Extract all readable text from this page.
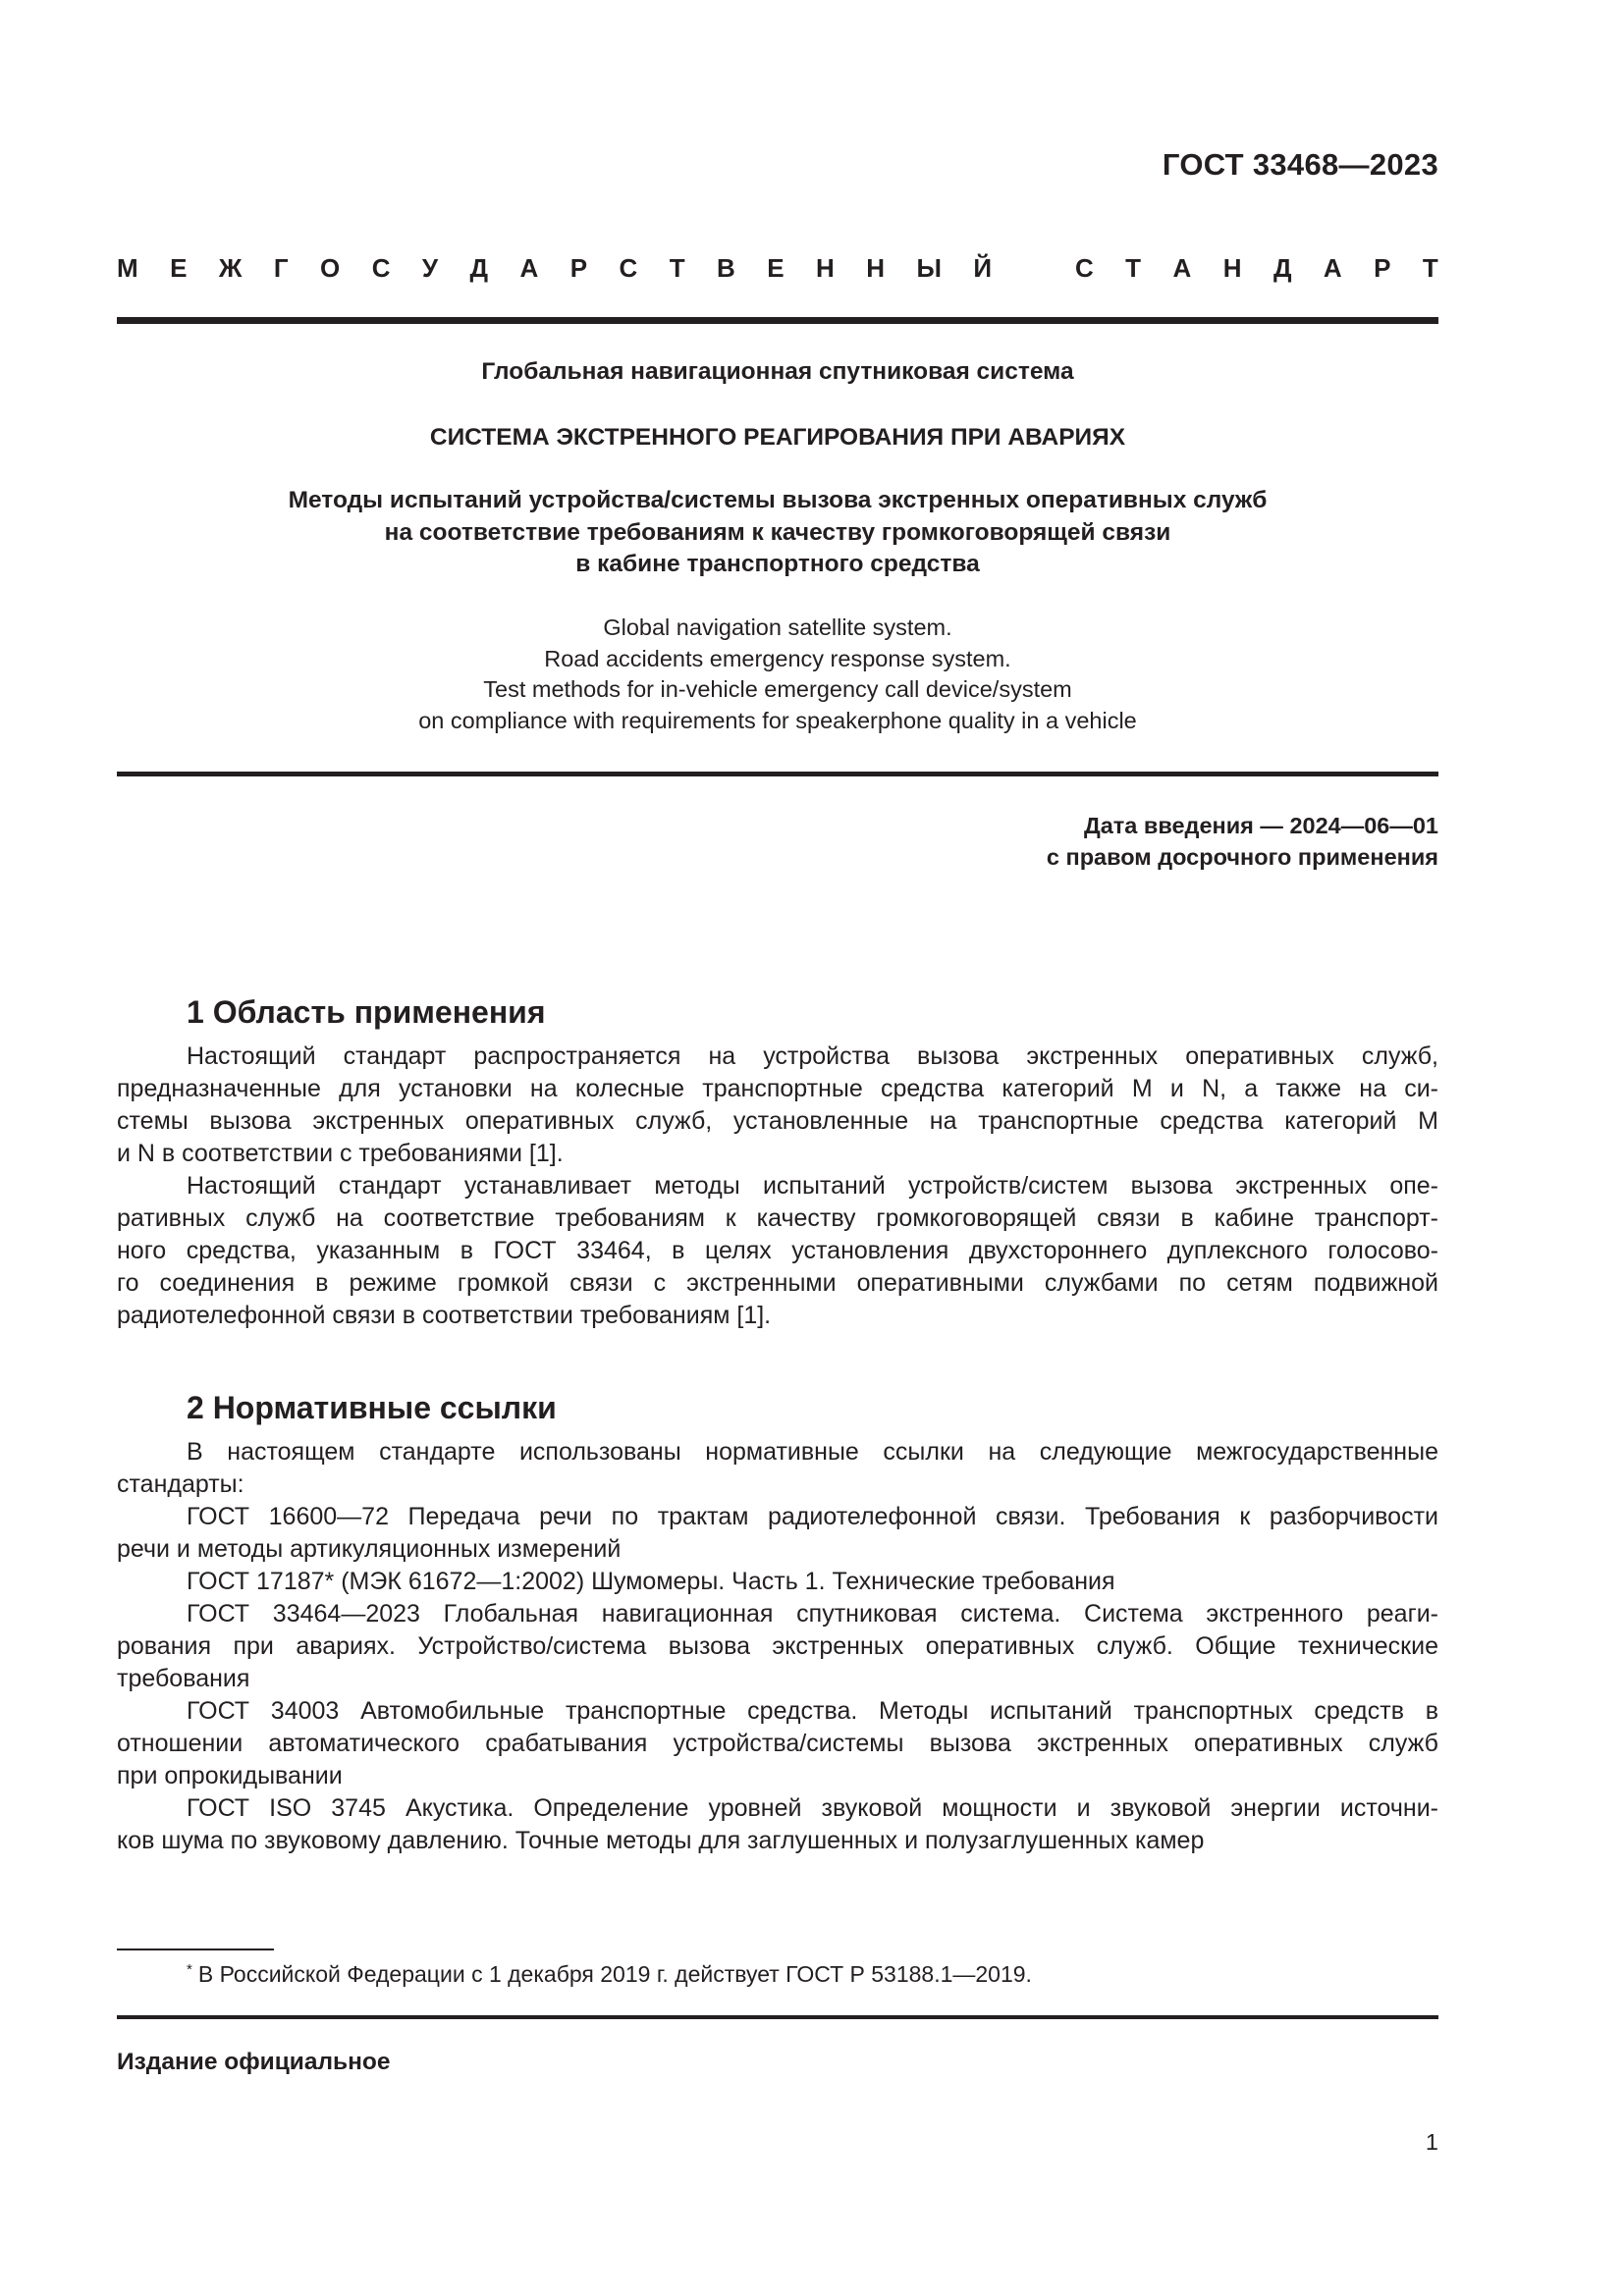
ГОСТ 33468—2023
М Е Ж Г О С У Д А Р С Т В Е Н Н Ы Й	С Т А Н Д А Р Т
Глобальная навигационная спутниковая система
СИСТЕМА ЭКСТРЕННОГО РЕАГИРОВАНИЯ ПРИ АВАРИЯХ
Методы испытаний устройства/системы вызова экстренных оперативных служб
на соответствие требованиям к качеству громкоговорящей связи
в кабине транспортного средства
Global navigation satellite system.
Road accidents emergency response system.
Test methods for in-vehicle emergency call device/system
on compliance with requirements for speakerphone quality in a vehicle
Дата введения — 2024—06—01
с правом досрочного применения
1 Область применения
Настоящий стандарт распространяется на устройства вызова экстренных оперативных служб,
предназначенные для установки на колесные транспортные средства категорий М и N, а также на си-
стемы вызова экстренных оперативных служб, установленные на транспортные средства категорий М
и N в соответствии с требованиями [1].
Настоящий стандарт устанавливает методы испытаний устройств/систем вызова экстренных опе-
ративных служб на соответствие требованиям к качеству громкоговорящей связи в кабине транспорт-
ного средства, указанным в ГОСТ 33464, в целях установления двухстороннего дуплексного голосово-
го соединения в режиме громкой связи с экстренными оперативными службами по сетям подвижной
радиотелефонной связи в соответствии требованиям [1].
2 Нормативные ссылки
В настоящем стандарте использованы нормативные ссылки на следующие межгосударственные
стандарты:
ГОСТ 16600—72 Передача речи по трактам радиотелефонной связи. Требования к разборчивости
речи и методы артикуляционных измерений
ГОСТ 17187* (МЭК 61672—1:2002) Шумомеры. Часть 1. Технические требования
ГОСТ 33464—2023 Глобальная навигационная спутниковая система. Система экстренного реаги-
рования при авариях. Устройство/система вызова экстренных оперативных служб. Общие технические
требования
ГОСТ 34003 Автомобильные транспортные средства. Методы испытаний транспортных средств в
отношении автоматического срабатывания устройства/системы вызова экстренных оперативных служб
при опрокидывании
ГОСТ ISO 3745 Акустика. Определение уровней звуковой мощности и звуковой энергии источни-
ков шума по звуковому давлению. Точные методы для заглушенных и полузаглушенных камер
* В Российской Федерации с 1 декабря 2019 г. действует ГОСТ Р 53188.1—2019.
Издание официальное
1
